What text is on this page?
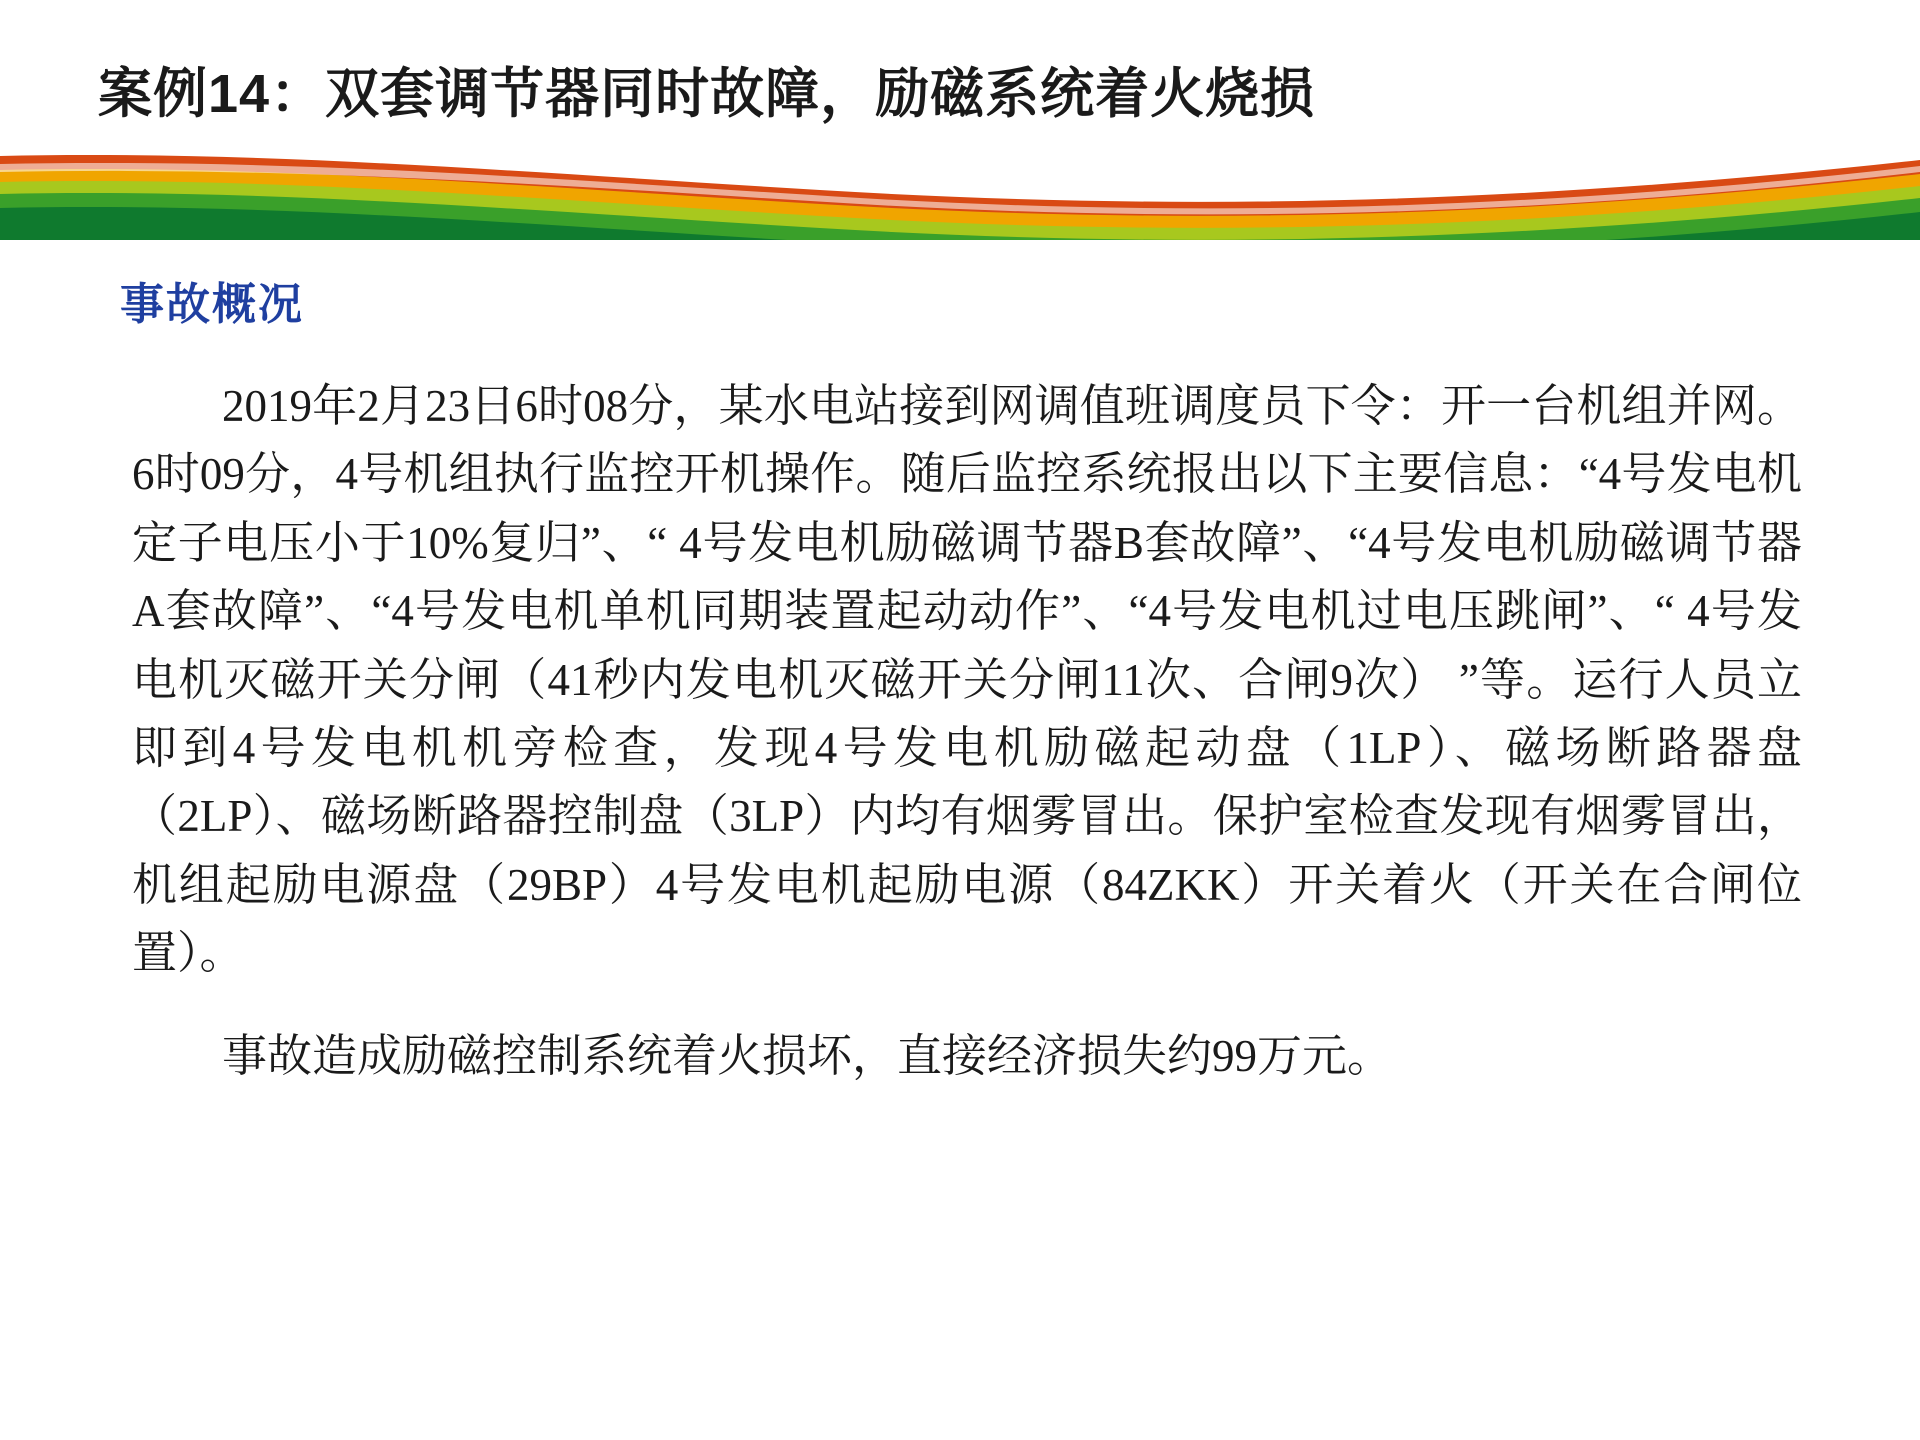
案例14：双套调节器同时故障，励磁系统着火烧损
事故概况

2019年2月23日6时08分，某水电站接到网调值班调度员下令：开一台机组并网。6时09分，4号机组执行监控开机操作。随后监控系统报出以下主要信息：“4号发电机定子电压小于10%复归”、“ 4号发电机励磁调节器B套故障”、“4号发电机励磁调节器A套故障”、“4号发电机单机同期装置起动动作”、“4号发电机过电压跳闸”、“ 4号发电机灭磁开关分闸（41秒内发电机灭磁开关分闸11次、合闸9次） ”等。运行人员立即到4号发电机机旁检查，发现4号发电机励磁起动盘（1LP）、磁场断路器盘（2LP）、磁场断路器控制盘（3LP）内均有烟雾冒出。保护室检查发现有烟雾冒出，机组起励电源盘（29BP）4号发电机起励电源（84ZKK）开关着火（开关在合闸位置）。

事故造成励磁控制系统着火损坏，直接经济损失约99万元。
